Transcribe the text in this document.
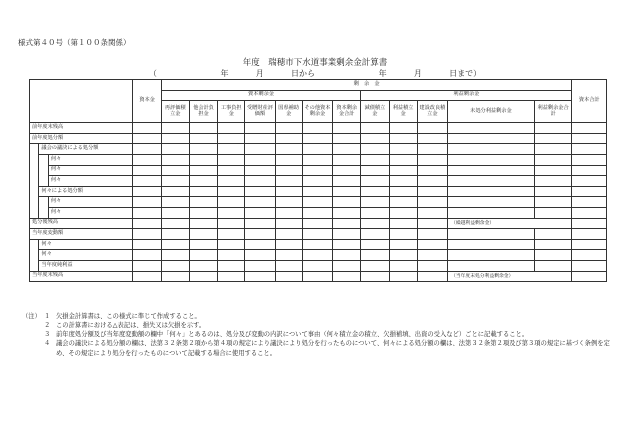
様式第４０号（第１００条関係）
年度　瑞穂市下水道事業剰余金計算書
（	年	月	日から	年	月	日まで）
			資本金	剰　余　金												資本合計
				資本剰余金							利益剰余金					
				再評価積立金	他会計負担金	工事負担金	受贈財産評価額	国県補助金	その他資本剰余金	資本剰余金合計	減債積立金	利益積立金	建設改良積立金	未処分利益剰余金	利益剰余金合計	
前年度末残高																
前年度処分額																
	議会の議決による処分額															
		何々														
		何々														
		何々														
	何々による処分額															
		何々														
		何々														
処分後残高														（繰越利益剰余金）		
当年度変動額																
	何々															
	何々															
	当年度純利益															
当年度末残高														（当年度末処分利益剰余金）		
（注） １ 欠損金計算書は、この様式に準じて作成すること。
２ この計算書における△表記は、損失又は欠損を示す。
３ 前年度処分額及び当年度変動額の欄中「何々」とあるのは、処分及び変動の内訳について事由（何々積立金の積立、欠損補填、出資の受入など）ごとに記載すること。
４ 議会の議決による処分額の欄は、法第３２条第２項から第４項の規定により議決により処分を行ったものについて、何々による処分額の欄は、法第３２条第２項及び第３項の規定に基づく条例を定め、その規定により処分を行ったものについて記載する場合に使用すること。
